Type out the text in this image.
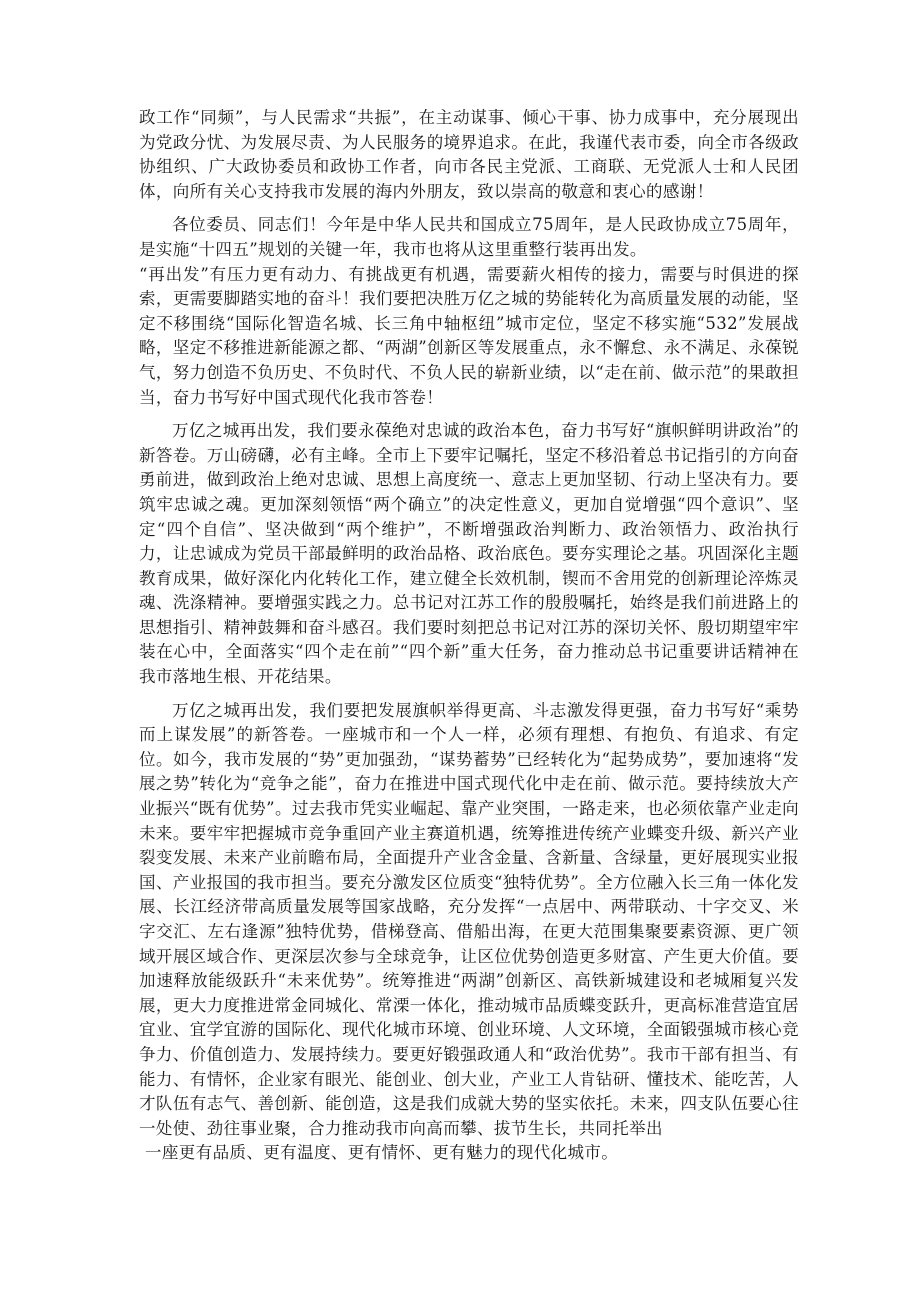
政工作“同频”，与人民需求“共振”，在主动谋事、倾心干事、协力成事中，充分展现出为党政分忧、为发展尽责、为人民服务的境界追求。在此，我谨代表市委，向全市各级政协组织、广大政协委员和政协工作者，向市各民主党派、工商联、无党派人士和人民团体，向所有关心支持我市发展的海内外朋友，致以崇高的敬意和衷心的感谢！

各位委员、同志们！今年是中华人民共和国成立75周年，是人民政协成立75周年，是实施“十四五”规划的关键一年，我市也将从这里重整行装再出发。

“再出发”有压力更有动力、有挑战更有机遇，需要薪火相传的接力，需要与时俱进的探索，更需要脚踏实地的奋斗！我们要把决胜万亿之城的势能转化为高质量发展的动能，坚定不移围绕“国际化智造名城、长三角中轴枢纽”城市定位，坚定不移实施“532”发展战略，坚定不移推进新能源之都、“两湖”创新区等发展重点，永不懈怠、永不满足、永葆锐气，努力创造不负历史、不负时代、不负人民的崭新业绩，以“走在前、做示范”的果敢担当，奋力书写好中国式现代化我市答卷！

万亿之城再出发，我们要永葆绝对忠诚的政治本色，奋力书写好“旗帜鲜明讲政治”的新答卷。万山磅礴，必有主峰。全市上下要牢记嘱托，坚定不移沿着总书记指引的方向奋勇前进，做到政治上绝对忠诚、思想上高度统一、意志上更加坚韧、行动上坚决有力。要筑牢忠诚之魂。更加深刻领悟“两个确立”的决定性意义，更加自觉增强“四个意识”、坚定“四个自信”、坚决做到“两个维护”，不断增强政治判断力、政治领悟力、政治执行力，让忠诚成为党员干部最鲜明的政治品格、政治底色。要夯实理论之基。巩固深化主题教育成果，做好深化内化转化工作，建立健全长效机制，锲而不舍用党的创新理论淬炼灵魂、洗涤精神。要增强实践之力。总书记对江苏工作的殷殷嘱托，始终是我们前进路上的思想指引、精神鼓舞和奋斗感召。我们要时刻把总书记对江苏的深切关怀、殷切期望牢牢装在心中，全面落实“四个走在前”“四个新”重大任务，奋力推动总书记重要讲话精神在我市落地生根、开花结果。

万亿之城再出发，我们要把发展旗帜举得更高、斗志激发得更强，奋力书写好“乘势而上谋发展”的新答卷。一座城市和一个人一样，必须有理想、有抱负、有追求、有定位。如今，我市发展的“势”更加强劲，“谋势蓄势”已经转化为“起势成势”，要加速将“发展之势”转化为“竞争之能”，奋力在推进中国式现代化中走在前、做示范。要持续放大产业振兴“既有优势”。过去我市凭实业崛起、靠产业突围，一路走来，也必须依靠产业走向未来。要牢牢把握城市竞争重回产业主赛道机遇，统筹推进传统产业蝶变升级、新兴产业裂变发展、未来产业前瞻布局，全面提升产业含金量、含新量、含绿量，更好展现实业报国、产业报国的我市担当。要充分激发区位质变“独特优势”。全方位融入长三角一体化发展、长江经济带高质量发展等国家战略，充分发挥“一点居中、两带联动、十字交叉、米字交汇、左右逢源”独特优势，借梯登高、借船出海，在更大范围集聚要素资源、更广领域开展区域合作、更深层次参与全球竞争，让区位优势创造更多财富、产生更大价值。要加速释放能级跃升“未来优势”。统筹推进“两湖”创新区、高铁新城建设和老城厢复兴发展，更大力度推进常金同城化、常溧一体化，推动城市品质蝶变跃升，更高标准营造宜居宜业、宜学宜游的国际化、现代化城市环境、创业环境、人文环境，全面锻强城市核心竞争力、价值创造力、发展持续力。要更好锻强政通人和“政治优势”。我市干部有担当、有能力、有情怀，企业家有眼光、能创业、创大业，产业工人肯钻研、懂技术、能吃苦，人才队伍有志气、善创新、能创造，这是我们成就大势的坚实依托。未来，四支队伍要心往一处使、劲往事业聚，合力推动我市向高而攀、拔节生长，共同托举出

一座更有品质、更有温度、更有情怀、更有魅力的现代化城市。
